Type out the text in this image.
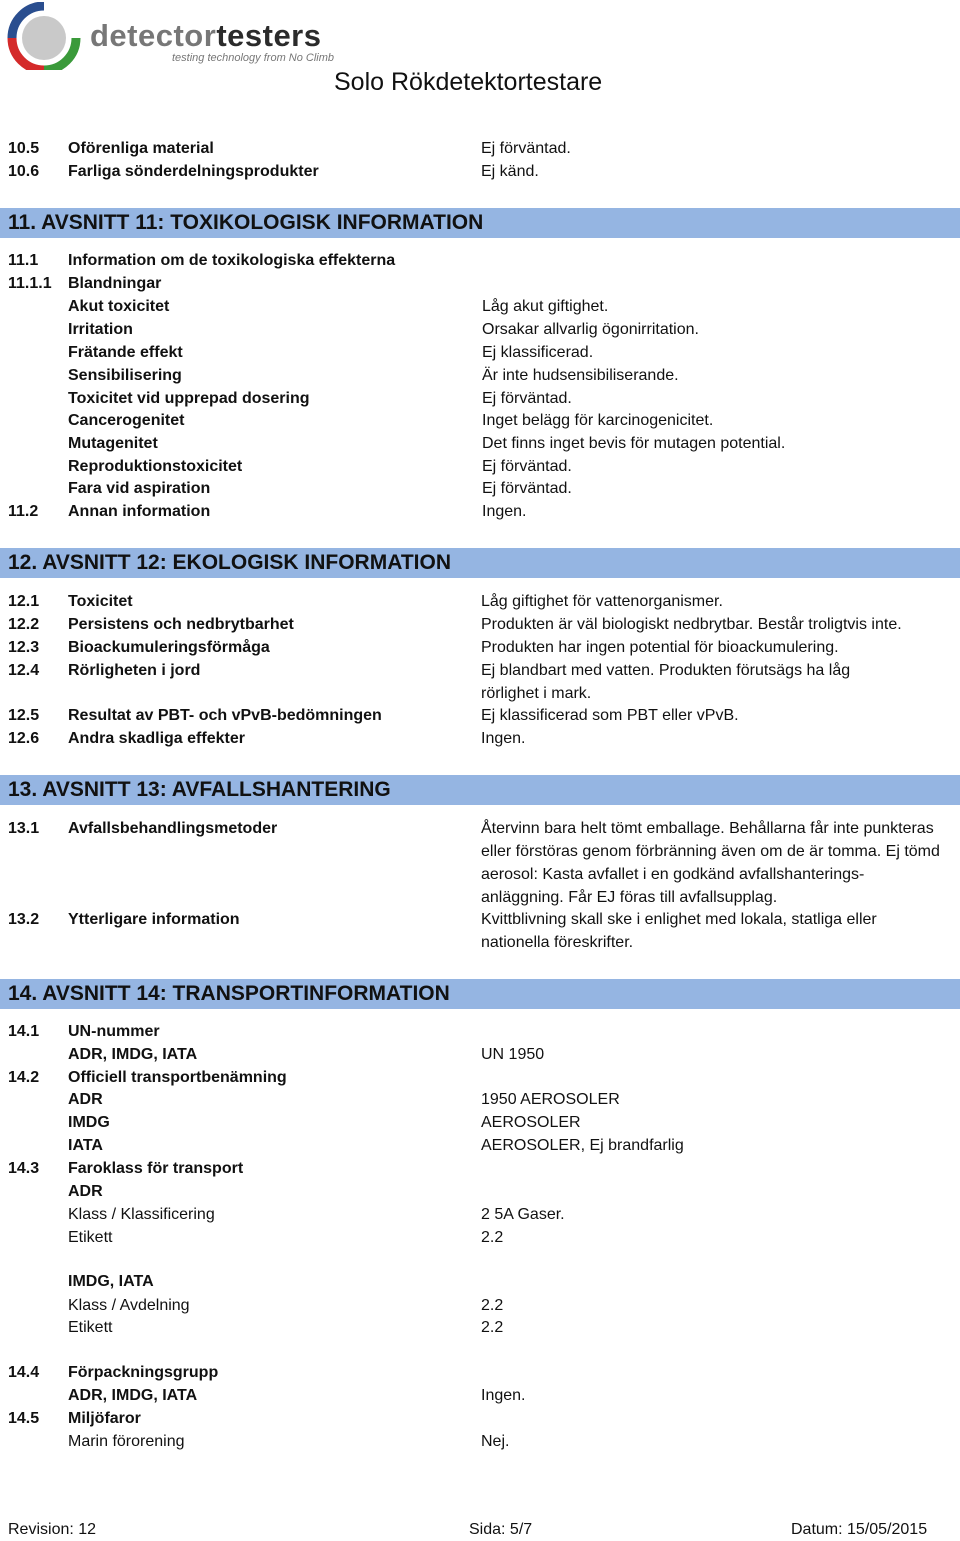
detectortesters
testing technology from No Climb
Solo Rökdetektortestare
10.5 Oförenliga material	Ej förväntad.
10.6 Farliga sönderdelningsprodukter	Ej känd.
11. AVSNITT 11: TOXIKOLOGISK INFORMATION
11.1 Information om de toxikologiska effekterna
11.1.1 Blandningar
Akut toxicitet	Låg akut giftighet.
Irritation	Orsakar allvarlig ögonirritation.
Frätande effekt	Ej klassificerad.
Sensibilisering	Är inte hudsensibiliserande.
Toxicitet vid upprepad dosering	Ej förväntad.
Cancerogenitet	Inget belägg för karcinogenicitet.
Mutagenitet	Det finns inget bevis för mutagen potential.
Reproduktionstoxicitet	Ej förväntad.
Fara vid aspiration	Ej förväntad.
11.2 Annan information	Ingen.
12. AVSNITT 12: EKOLOGISK INFORMATION
12.1 Toxicitet	Låg giftighet för vattenorganismer.
12.2 Persistens och nedbrytbarhet	Produkten är väl biologiskt nedbrytbar. Består troligtvis inte.
12.3 Bioackumuleringsförmåga	Produkten har ingen potential för bioackumulering.
12.4 Rörligheten i jord	Ej blandbart med vatten. Produkten förutsägs ha låg rörlighet i mark.
12.5 Resultat av PBT- och vPvB-bedömningen	Ej klassificerad som PBT eller vPvB.
12.6 Andra skadliga effekter	Ingen.
13. AVSNITT 13: AVFALLSHANTERING
13.1 Avfallsbehandlingsmetoder	Återvinn bara helt tömt emballage. Behållarna får inte punkteras eller förstöras genom förbränning även om de är tomma. Ej tömd aerosol: Kasta avfallet i en godkänd avfallshanterings-anläggning. Får EJ föras till avfallsupplag.
13.2 Ytterligare information	Kvittblivning skall ske i enlighet med lokala, statliga eller nationella föreskrifter.
14. AVSNITT 14: TRANSPORTINFORMATION
14.1 UN-nummer
ADR, IMDG, IATA	UN 1950
14.2 Officiell transportbenämning
ADR	1950 AEROSOLER
IMDG	AEROSOLER
IATA	AEROSOLER, Ej brandfarlig
14.3 Faroklass för transport
ADR
Klass / Klassificering	2 5A Gaser.
Etikett	2.2
IMDG, IATA
Klass / Avdelning	2.2
Etikett	2.2
14.4 Förpackningsgrupp
ADR, IMDG, IATA	Ingen.
14.5 Miljöfaror
Marin förorening	Nej.
Revision: 12	Sida: 5/7	Datum: 15/05/2015
